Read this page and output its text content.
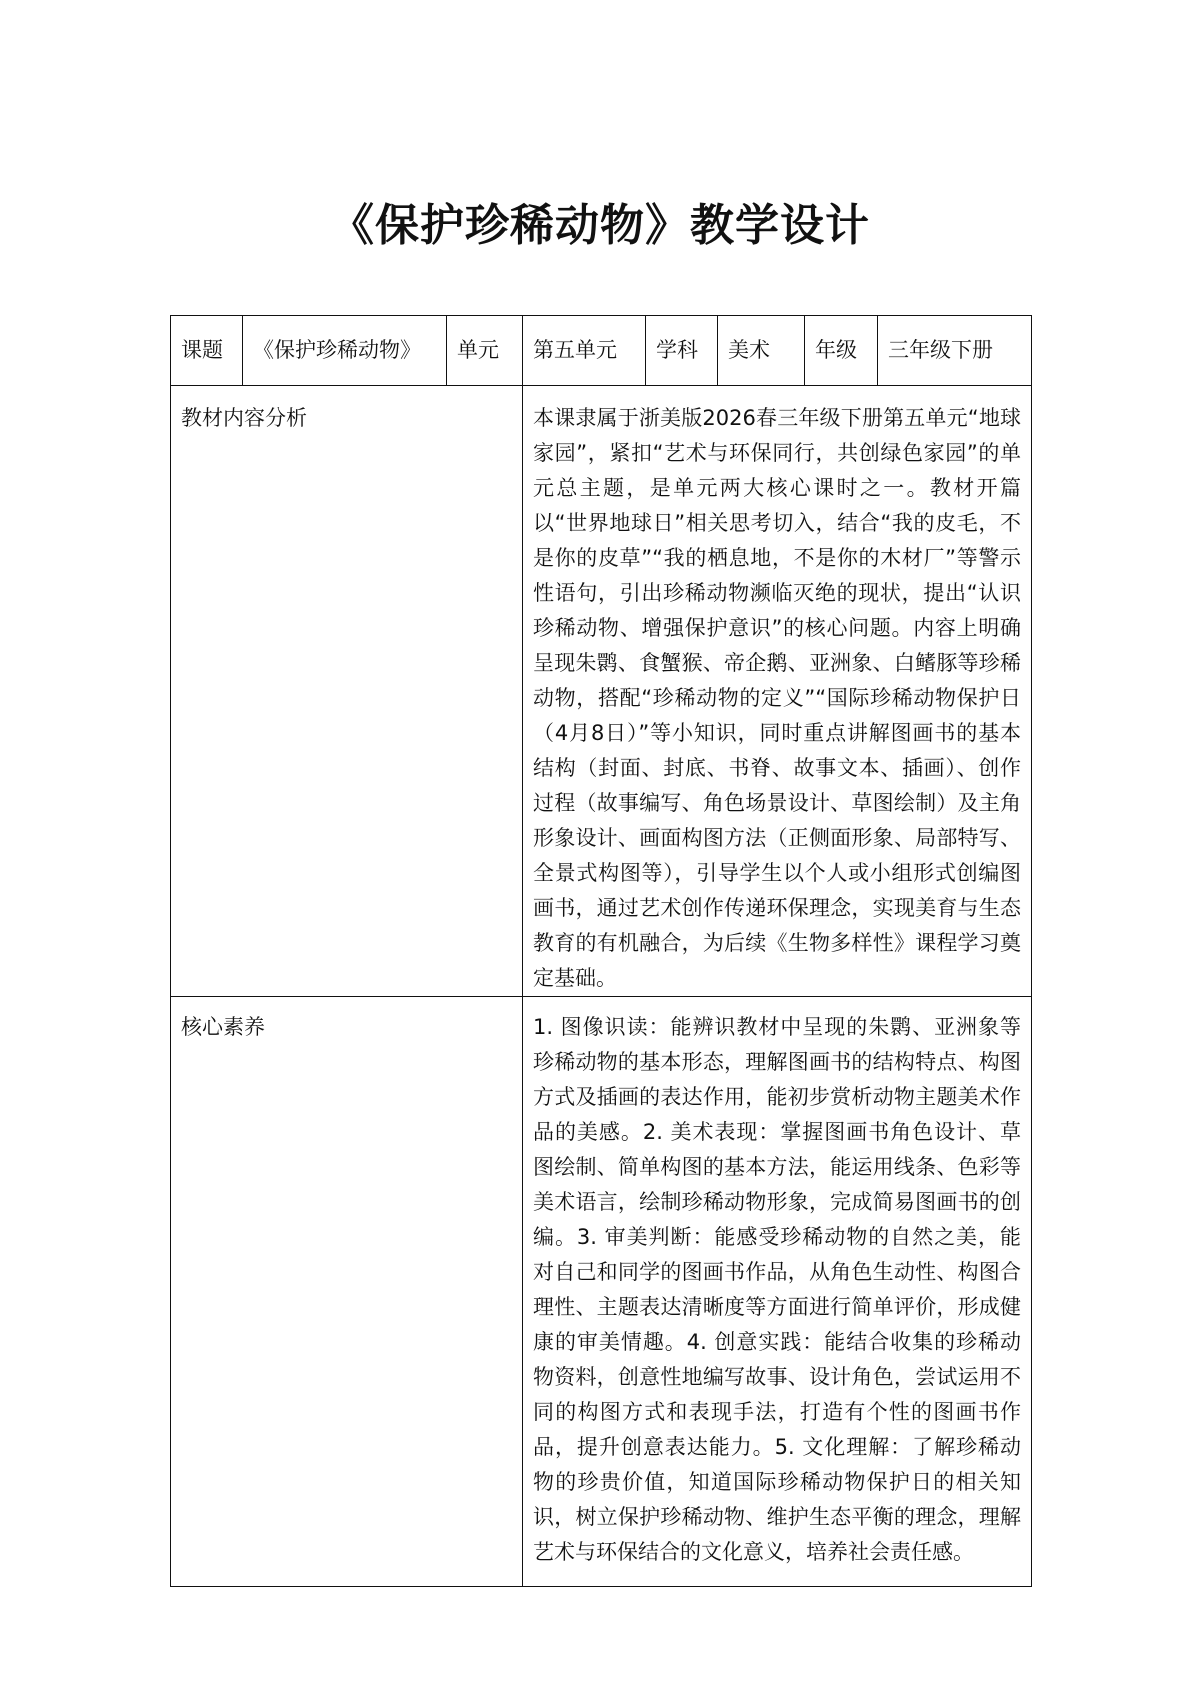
《保护珍稀动物》教学设计
课题	《保护珍稀动物》	单元	第五单元	学科	美术	年级	三年级下册
教材内容分析			本课隶属于浙美版2026春三年级下册第五单元“地球家园”，紧扣“艺术与环保同行，共创绿色家园”的单元总主题，是单元两大核心课时之一。教材开篇以“世界地球日”相关思考切入，结合“我的皮毛，不是你的皮草”“我的栖息地，不是你的木材厂”等警示性语句，引出珍稀动物濒临灭绝的现状，提出“认识珍稀动物、增强保护意识”的核心问题。内容上明确呈现朱鹮、食蟹猴、帝企鹅、亚洲象、白鳍豚等珍稀动物，搭配“珍稀动物的定义”“国际珍稀动物保护日（4月8日）”等小知识，同时重点讲解图画书的基本结构（封面、封底、书脊、故事文本、插画）、创作过程（故事编写、角色场景设计、草图绘制）及主角形象设计、画面构图方法（正侧面形象、局部特写、全景式构图等），引导学生以个人或小组形式创编图画书，通过艺术创作传递环保理念，实现美育与生态教育的有机融合，为后续《生物多样性》课程学习奠定基础。				
核心素养			1. 图像识读：能辨识教材中呈现的朱鹮、亚洲象等珍稀动物的基本形态，理解图画书的结构特点、构图方式及插画的表达作用，能初步赏析动物主题美术作品的美感。2. 美术表现：掌握图画书角色设计、草图绘制、简单构图的基本方法，能运用线条、色彩等美术语言，绘制珍稀动物形象，完成简易图画书的创编。3. 审美判断：能感受珍稀动物的自然之美，能对自己和同学的图画书作品，从角色生动性、构图合理性、主题表达清晰度等方面进行简单评价，形成健康的审美情趣。4. 创意实践：能结合收集的珍稀动物资料，创意性地编写故事、设计角色，尝试运用不同的构图方式和表现手法，打造有个性的图画书作品，提升创意表达能力。5. 文化理解：了解珍稀动物的珍贵价值，知道国际珍稀动物保护日的相关知识，树立保护珍稀动物、维护生态平衡的理念，理解艺术与环保结合的文化意义，培养社会责任感。				
